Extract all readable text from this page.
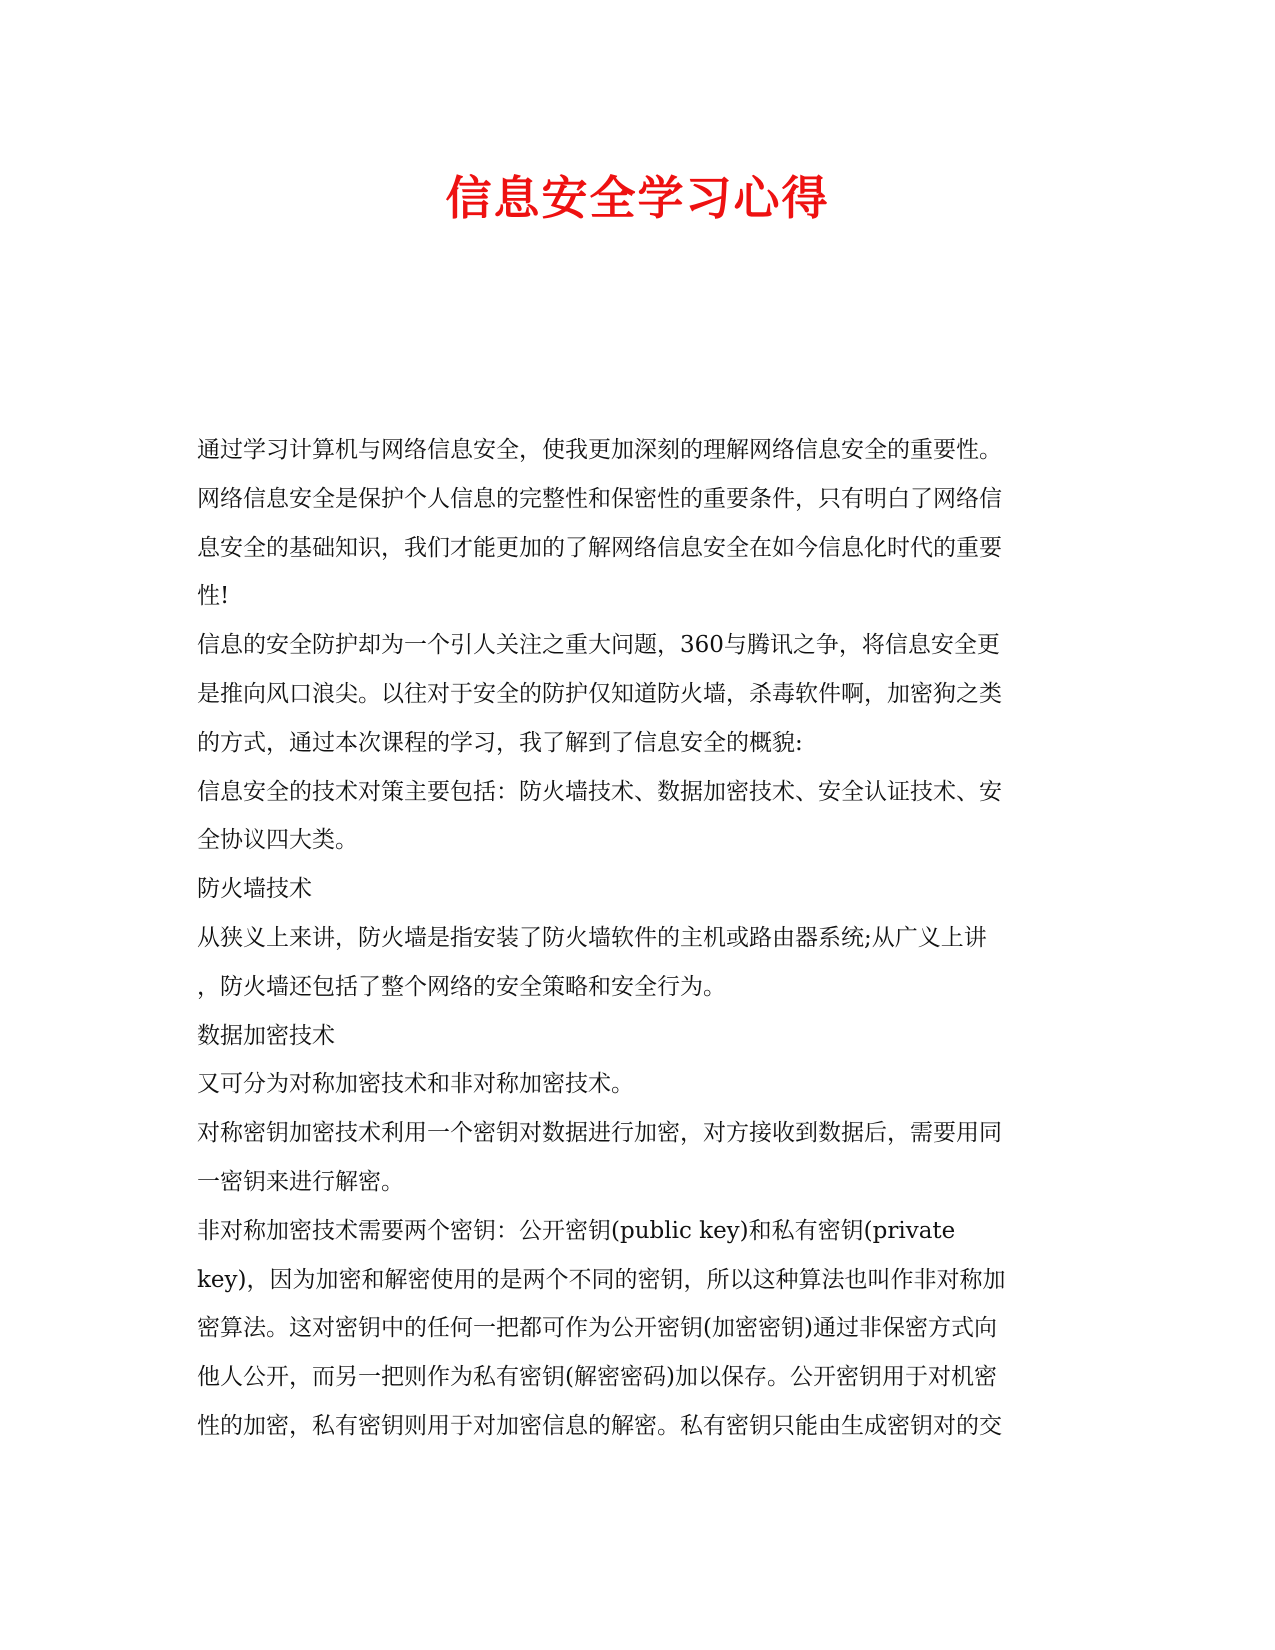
信息安全学习心得
通过学习计算机与网络信息安全，使我更加深刻的理解网络信息安全的重要性。
网络信息安全是保护个人信息的完整性和保密性的重要条件，只有明白了网络信
息安全的基础知识，我们才能更加的了解网络信息安全在如今信息化时代的重要
性!
信息的安全防护却为一个引人关注之重大问题，360与腾讯之争，将信息安全更
是推向风口浪尖。以往对于安全的防护仅知道防火墙，杀毒软件啊，加密狗之类
的方式，通过本次课程的学习，我了解到了信息安全的概貌:
信息安全的技术对策主要包括：防火墙技术、数据加密技术、安全认证技术、安
全协议四大类。
防火墙技术
从狭义上来讲，防火墙是指安装了防火墙软件的主机或路由器系统;从广义上讲
，防火墙还包括了整个网络的安全策略和安全行为。
数据加密技术
又可分为对称加密技术和非对称加密技术。
对称密钥加密技术利用一个密钥对数据进行加密，对方接收到数据后，需要用同
一密钥来进行解密。
非对称加密技术需要两个密钥：公开密钥(public key)和私有密钥(private
key)，因为加密和解密使用的是两个不同的密钥，所以这种算法也叫作非对称加
密算法。这对密钥中的任何一把都可作为公开密钥(加密密钥)通过非保密方式向
他人公开，而另一把则作为私有密钥(解密密码)加以保存。公开密钥用于对机密
性的加密，私有密钥则用于对加密信息的解密。私有密钥只能由生成密钥对的交
